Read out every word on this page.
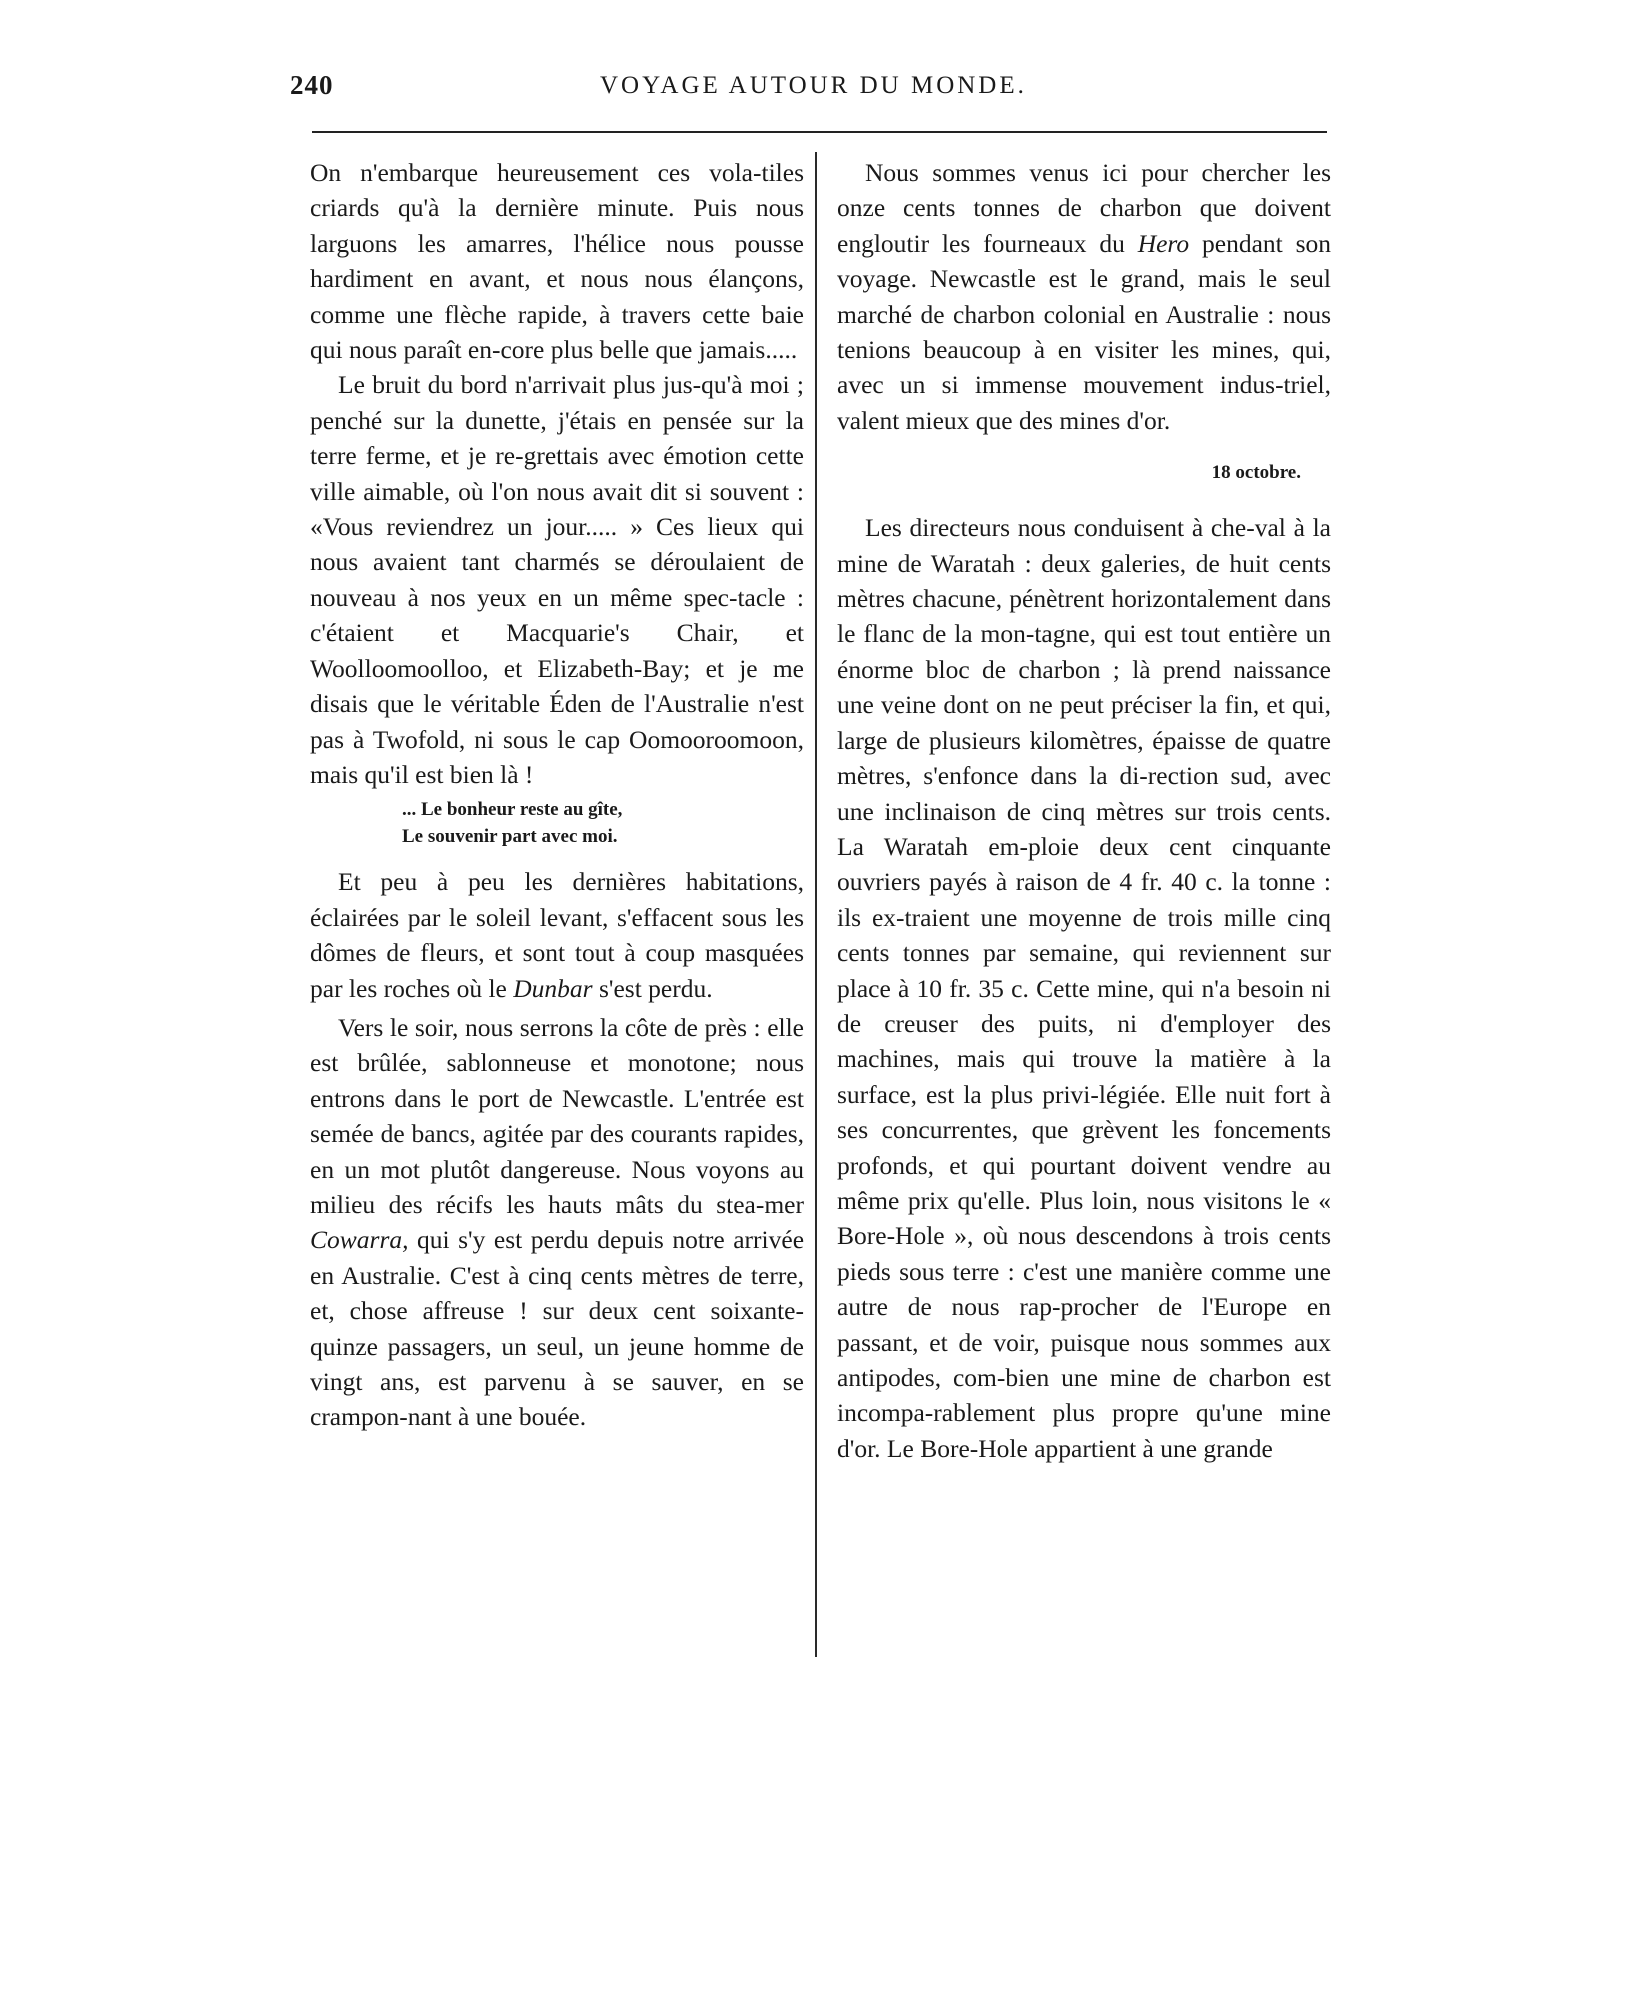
240	VOYAGE AUTOUR DU MONDE.

On n'embarque heureusement ces vola-tiles criards qu'à la dernière minute. Puis nous larguons les amarres, l'hélice nous pousse hardiment en avant, et nous nous élançons, comme une flèche rapide, à travers cette baie qui nous paraît en-core plus belle que jamais.....

Le bruit du bord n'arrivait plus jus-qu'à moi ; penché sur la dunette, j'étais en pensée sur la terre ferme, et je re-grettais avec émotion cette ville aimable, où l'on nous avait dit si souvent : «Vous reviendrez un jour..... » Ces lieux qui nous avaient tant charmés se déroulaient de nouveau à nos yeux en un même spec-tacle : c'étaient et Macquarie's Chair, et Woolloomoolloo, et Elizabeth-Bay; et je me disais que le véritable Éden de l'Australie n'est pas à Twofold, ni sous le cap Oomooroomoon, mais qu'il est bien là !

... Le bonheur reste au gîte,
Le souvenir part avec moi.

Et peu à peu les dernières habitations, éclairées par le soleil levant, s'effacent sous les dômes de fleurs, et sont tout à coup masquées par les roches où le Dunbar s'est perdu.

Vers le soir, nous serrons la côte de près : elle est brûlée, sablonneuse et monotone; nous entrons dans le port de Newcastle. L'entrée est semée de bancs, agitée par des courants rapides, en un mot plutôt dangereuse. Nous voyons au milieu des récifs les hauts mâts du stea-mer Cowarra, qui s'y est perdu depuis notre arrivée en Australie. C'est à cinq cents mètres de terre, et, chose affreuse ! sur deux cent soixante-quinze passagers, un seul, un jeune homme de vingt ans, est parvenu à se sauver, en se crampon-nant à une bouée.

Nous sommes venus ici pour chercher les onze cents tonnes de charbon que doivent engloutir les fourneaux du Hero pendant son voyage. Newcastle est le grand, mais le seul marché de charbon colonial en Australie : nous tenions beaucoup à en visiter les mines, qui, avec un si immense mouvement indus-triel, valent mieux que des mines d'or.

18 octobre.

Les directeurs nous conduisent à che-val à la mine de Waratah : deux galeries, de huit cents mètres chacune, pénètrent horizontalement dans le flanc de la mon-tagne, qui est tout entière un énorme bloc de charbon ; là prend naissance une veine dont on ne peut préciser la fin, et qui, large de plusieurs kilomètres, épaisse de quatre mètres, s'enfonce dans la di-rection sud, avec une inclinaison de cinq mètres sur trois cents. La Waratah em-ploie deux cent cinquante ouvriers payés à raison de 4 fr. 40 c. la tonne : ils ex-traient une moyenne de trois mille cinq cents tonnes par semaine, qui reviennent sur place à 10 fr. 35 c. Cette mine, qui n'a besoin ni de creuser des puits, ni d'employer des machines, mais qui trouve la matière à la surface, est la plus privi-légiée. Elle nuit fort à ses concurrentes, que grèvent les foncements profonds, et qui pourtant doivent vendre au même prix qu'elle. Plus loin, nous visitons le « Bore-Hole », où nous descendons à trois cents pieds sous terre : c'est une manière comme une autre de nous rap-procher de l'Europe en passant, et de voir, puisque nous sommes aux antipodes, com-bien une mine de charbon est incompa-rablement plus propre qu'une mine d'or. Le Bore-Hole appartient à une grande
